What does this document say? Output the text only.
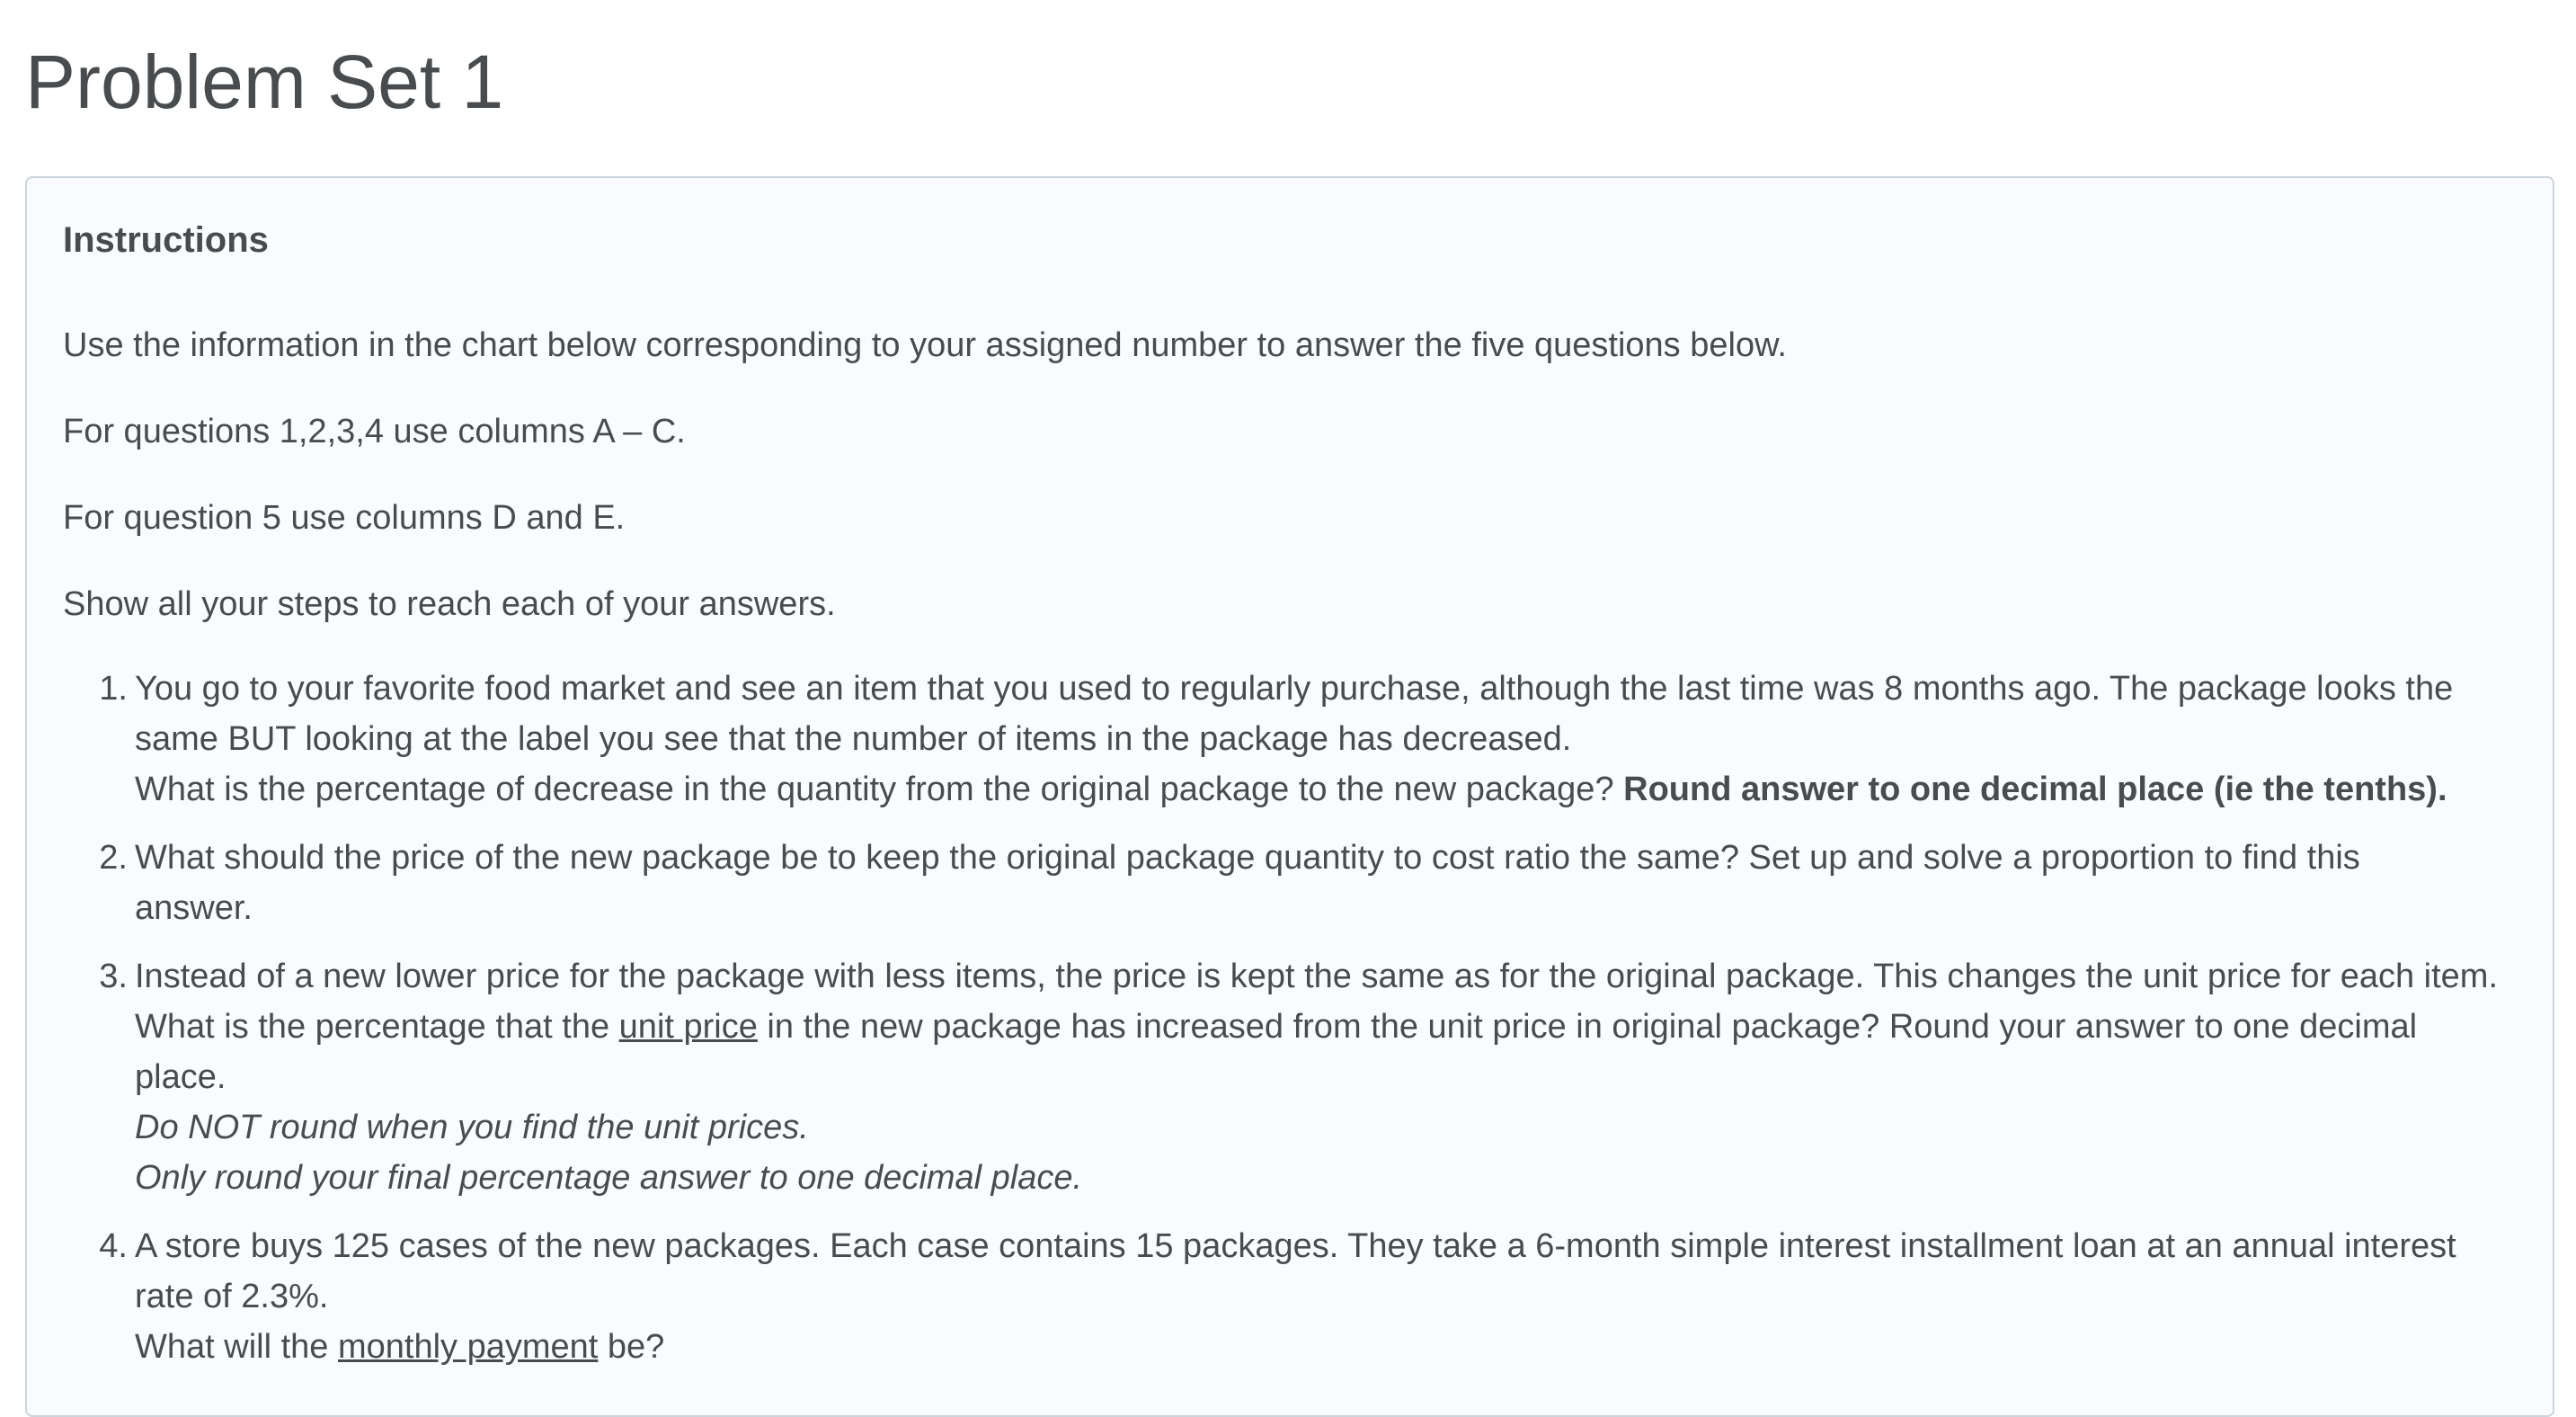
Problem Set 1
Instructions

Use the information in the chart below corresponding to your assigned number to answer the five questions below.

For questions 1,2,3,4 use columns A – C.

For question 5 use columns D and E.

Show all your steps to reach each of your answers.

1. You go to your favorite food market and see an item that you used to regularly purchase, although the last time was 8 months ago. The package looks the
same BUT looking at the label you see that the number of items in the package has decreased.
What is the percentage of decrease in the quantity from the original package to the new package? Round answer to one decimal place (ie the tenths).
2. What should the price of the new package be to keep the original package quantity to cost ratio the same? Set up and solve a proportion to find this
answer.
3. Instead of a new lower price for the package with less items, the price is kept the same as for the original package. This changes the unit price for each item.
What is the percentage that the unit price in the new package has increased from the unit price in original package? Round your answer to one decimal
place.
Do NOT round when you find the unit prices.
Only round your final percentage answer to one decimal place.
4. A store buys 125 cases of the new packages. Each case contains 15 packages. They take a 6-month simple interest installment loan at an annual interest
rate of 2.3%.
What will the monthly payment be?
